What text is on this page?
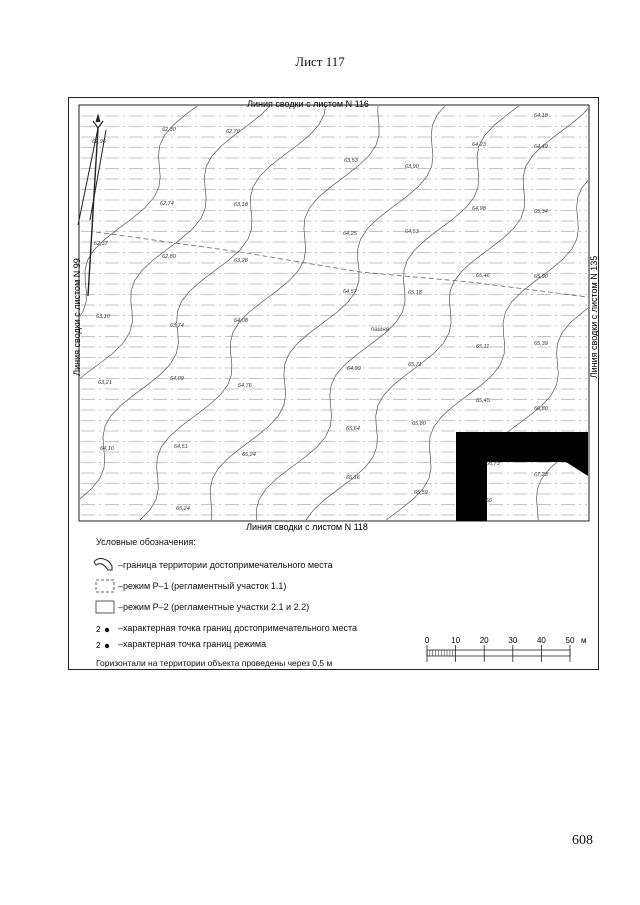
Лист 117
62,96
62,30	62,70
63,53
63,90
64,23
64,18
64,49
62,74	63,18
64,25	64,53
64,98	65,34
62,37
62,80
63,28
64,57	65,18
65,46	65,90
63,10
63,74
64,08
65,11	65,39
63,21
64,09
64,76
64,99
65,71
65,45
66,80
64,10	64,51
65,24
65,64
65,80
66,73
67,23
65,24
65,16
65,59
66
Линия сводки с листом N 116
Линия сводки с листом N 118
Линия сводки с листом N 99	Линия сводки с листом N 135
пашня
2
2
0	10 20 30 40 50 м
Условные обозначения:
–граница территории достопримечательного места
–режим Р–1 (регламентный участок 1.1)
–режим Р–2 (регламентные участки 2.1 и 2.2)
–характерная точка границ достопримечательного места
–характерная точка границ режима
Горизонтали на территории объекта проведены через 0,5 м
608
